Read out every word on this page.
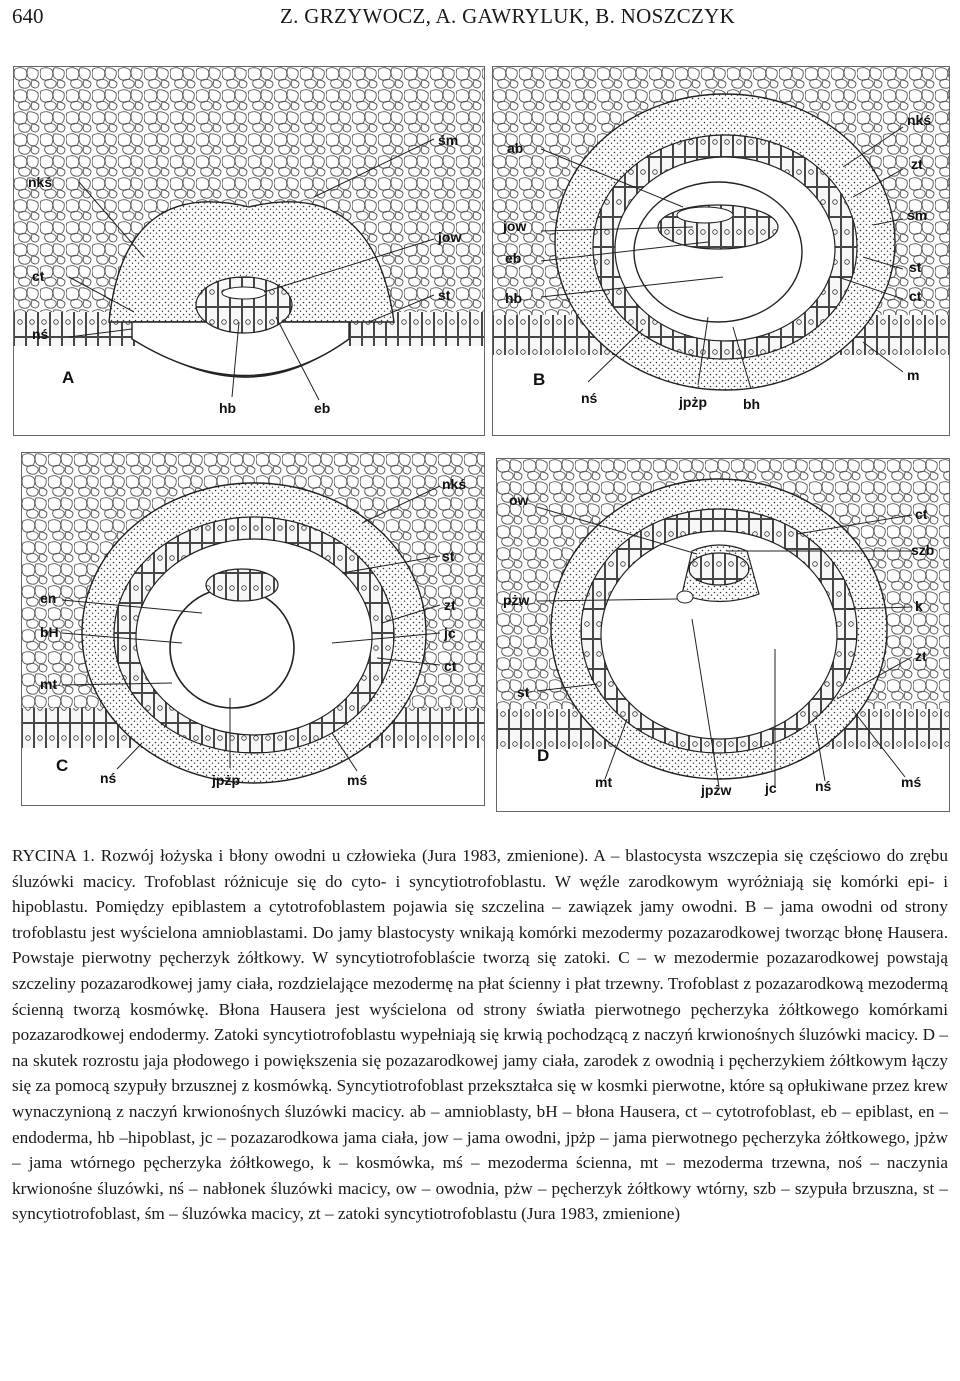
640	Z. GRZYWOCZ, A. GAWRYLUK, B. NOSZCZYK
nkś
ct
nś
śm
jow
st
hb	eb
A
ab
jow
eb
hb
nkś
zt
śm
st
ct
m
nś	jpżp	bh
B
nkś
st
en
bH
mt
zt
jc
ct
nś	jpżp	mś
C
ow
pżw
st
ct
szb
k
zt
mt	jpżw jc	nś	mś
D

RYCINA 1. Rozwój łożyska i błony owodni u człowieka (Jura 1983, zmienione). A – blastocysta wszczepia się częściowo do zrębu śluzówki macicy. Trofoblast różnicuje się do cyto- i syncytiotrofoblastu. W węźle zarodkowym wyróżniają się komórki epi- i hipoblastu. Pomiędzy epiblastem a cytotrofoblastem pojawia się szczelina – zawiązek jamy owodni. B – jama owodni od strony trofoblastu jest wyścielona amnioblastami. Do jamy blastocysty wnikają komórki mezodermy pozazarodkowej tworząc błonę Hausera. Powstaje pierwotny pęcherzyk żółtkowy. W syncytiotrofoblaście tworzą się zatoki. C – w mezodermie pozazarodkowej powstają szczeliny pozazarodkowej jamy ciała, rozdzielające mezodermę na płat ścienny i płat trzewny. Trofoblast z pozazarodkową mezodermą ścienną tworzą kosmówkę. Błona Hausera jest wyścielona od strony światła pierwotnego pęcherzyka żółtkowego komórkami pozazarodkowej endodermy. Zatoki syncytiotrofoblastu wypełniają się krwią pochodzącą z naczyń krwionośnych śluzówki macicy. D – na skutek rozrostu jaja płodowego i powiększenia się pozazarodkowej jamy ciała, zarodek z owodnią i pęcherzykiem żółtkowym łączy się za pomocą szypuły brzusznej z kosmówką. Syncytiotrofoblast przekształca się w kosmki pierwotne, które są opłukiwane przez krew wynaczynioną z naczyń krwionośnych śluzówki macicy. ab – amnioblasty, bH – błona Hausera, ct – cytotrofoblast, eb – epiblast, en – endoderma, hb –hipoblast, jc – pozazarodkowa jama ciała, jow – jama owodni, jpżp – jama pierwotnego pęcherzyka żółtkowego, jpżw – jama wtórnego pęcherzyka żółtkowego, k – kosmówka, mś – mezoderma ścienna, mt – mezoderma trzewna, noś – naczynia krwionośne śluzówki, nś – nabłonek śluzówki macicy, ow – owodnia, pżw – pęcherzyk żółtkowy wtórny, szb – szypuła brzuszna, st – syncytiotrofoblast, śm – śluzówka macicy, zt – zatoki syncytiotrofoblastu (Jura 1983, zmienione)
